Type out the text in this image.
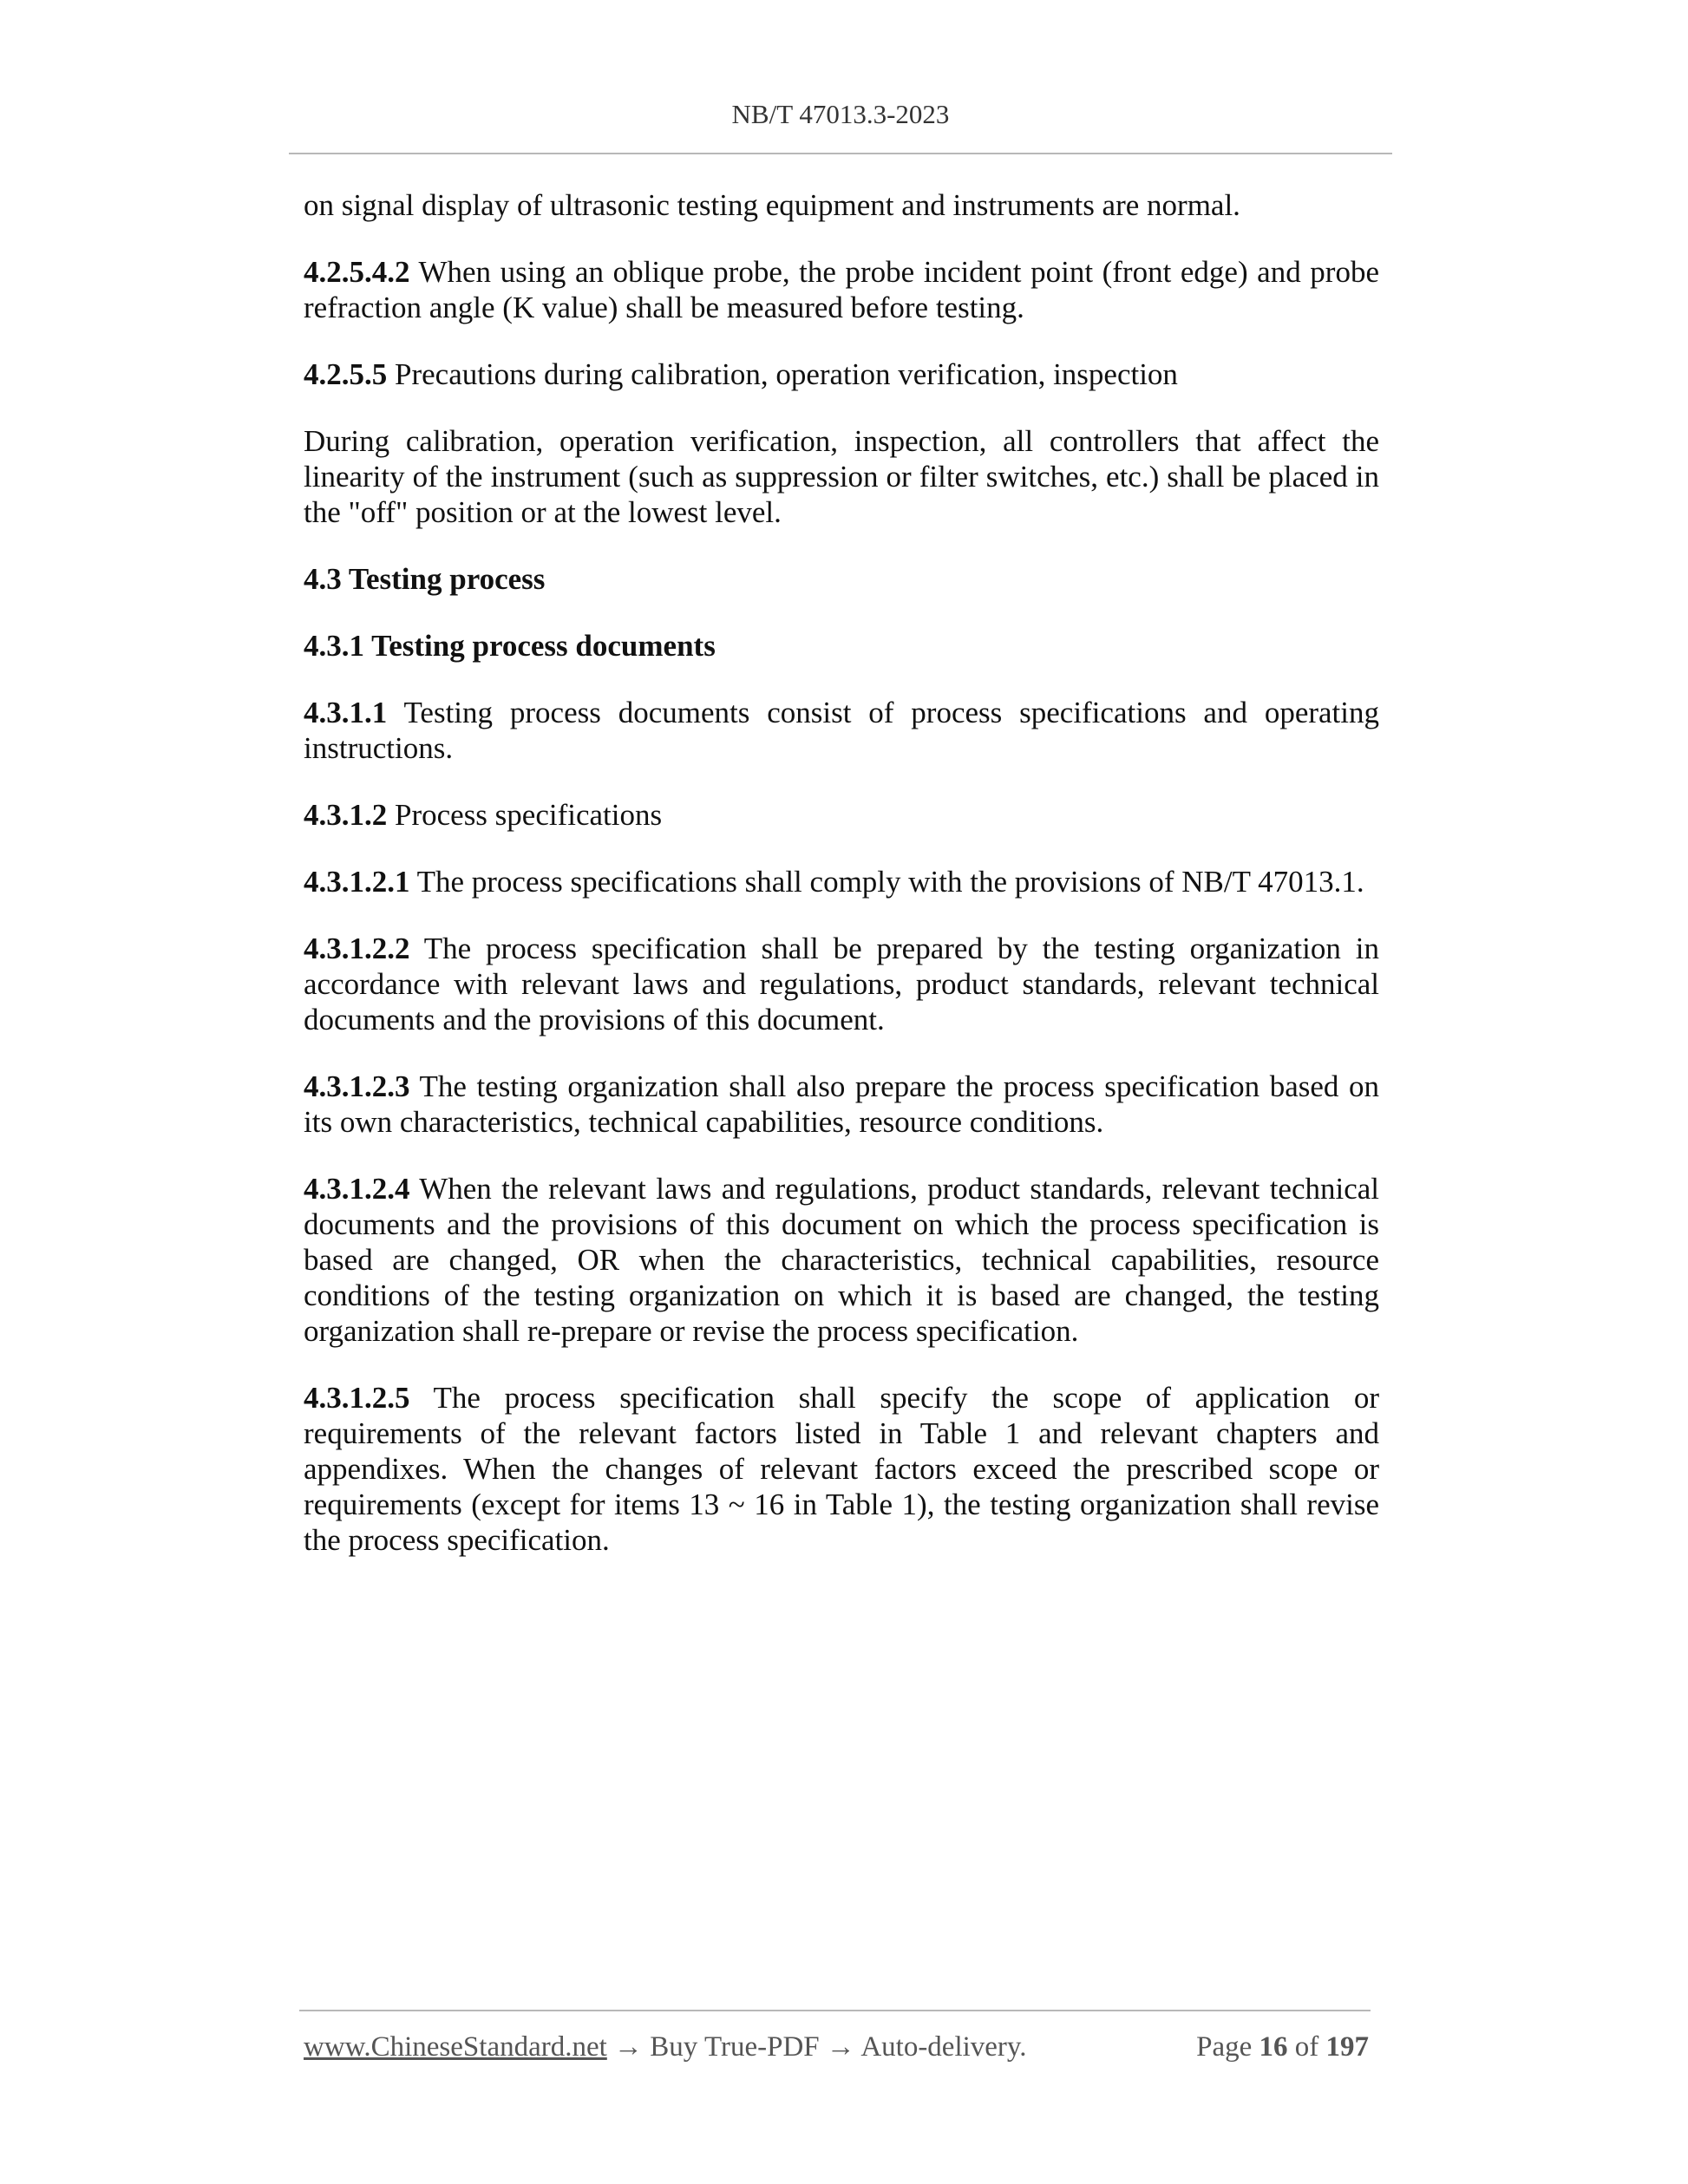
NB/T 47013.3-2023

on signal display of ultrasonic testing equipment and instruments are normal.

4.2.5.4.2 When using an oblique probe, the probe incident point (front edge) and probe refraction angle (K value) shall be measured before testing.

4.2.5.5 Precautions during calibration, operation verification, inspection

During calibration, operation verification, inspection, all controllers that affect the linearity of the instrument (such as suppression or filter switches, etc.) shall be placed in the "off" position or at the lowest level.

4.3 Testing process

4.3.1 Testing process documents

4.3.1.1 Testing process documents consist of process specifications and operating instructions.

4.3.1.2 Process specifications

4.3.1.2.1 The process specifications shall comply with the provisions of NB/T 47013.1.

4.3.1.2.2 The process specification shall be prepared by the testing organization in accordance with relevant laws and regulations, product standards, relevant technical documents and the provisions of this document.

4.3.1.2.3 The testing organization shall also prepare the process specification based on its own characteristics, technical capabilities, resource conditions.

4.3.1.2.4 When the relevant laws and regulations, product standards, relevant technical documents and the provisions of this document on which the process specification is based are changed, OR when the characteristics, technical capabilities, resource conditions of the testing organization on which it is based are changed, the testing organization shall re-prepare or revise the process specification.

4.3.1.2.5 The process specification shall specify the scope of application or requirements of the relevant factors listed in Table 1 and relevant chapters and appendixes. When the changes of relevant factors exceed the prescribed scope or requirements (except for items 13 ~ 16 in Table 1), the testing organization shall revise the process specification.

www.ChineseStandard.net → Buy True-PDF → Auto-delivery.	Page 16 of 197
